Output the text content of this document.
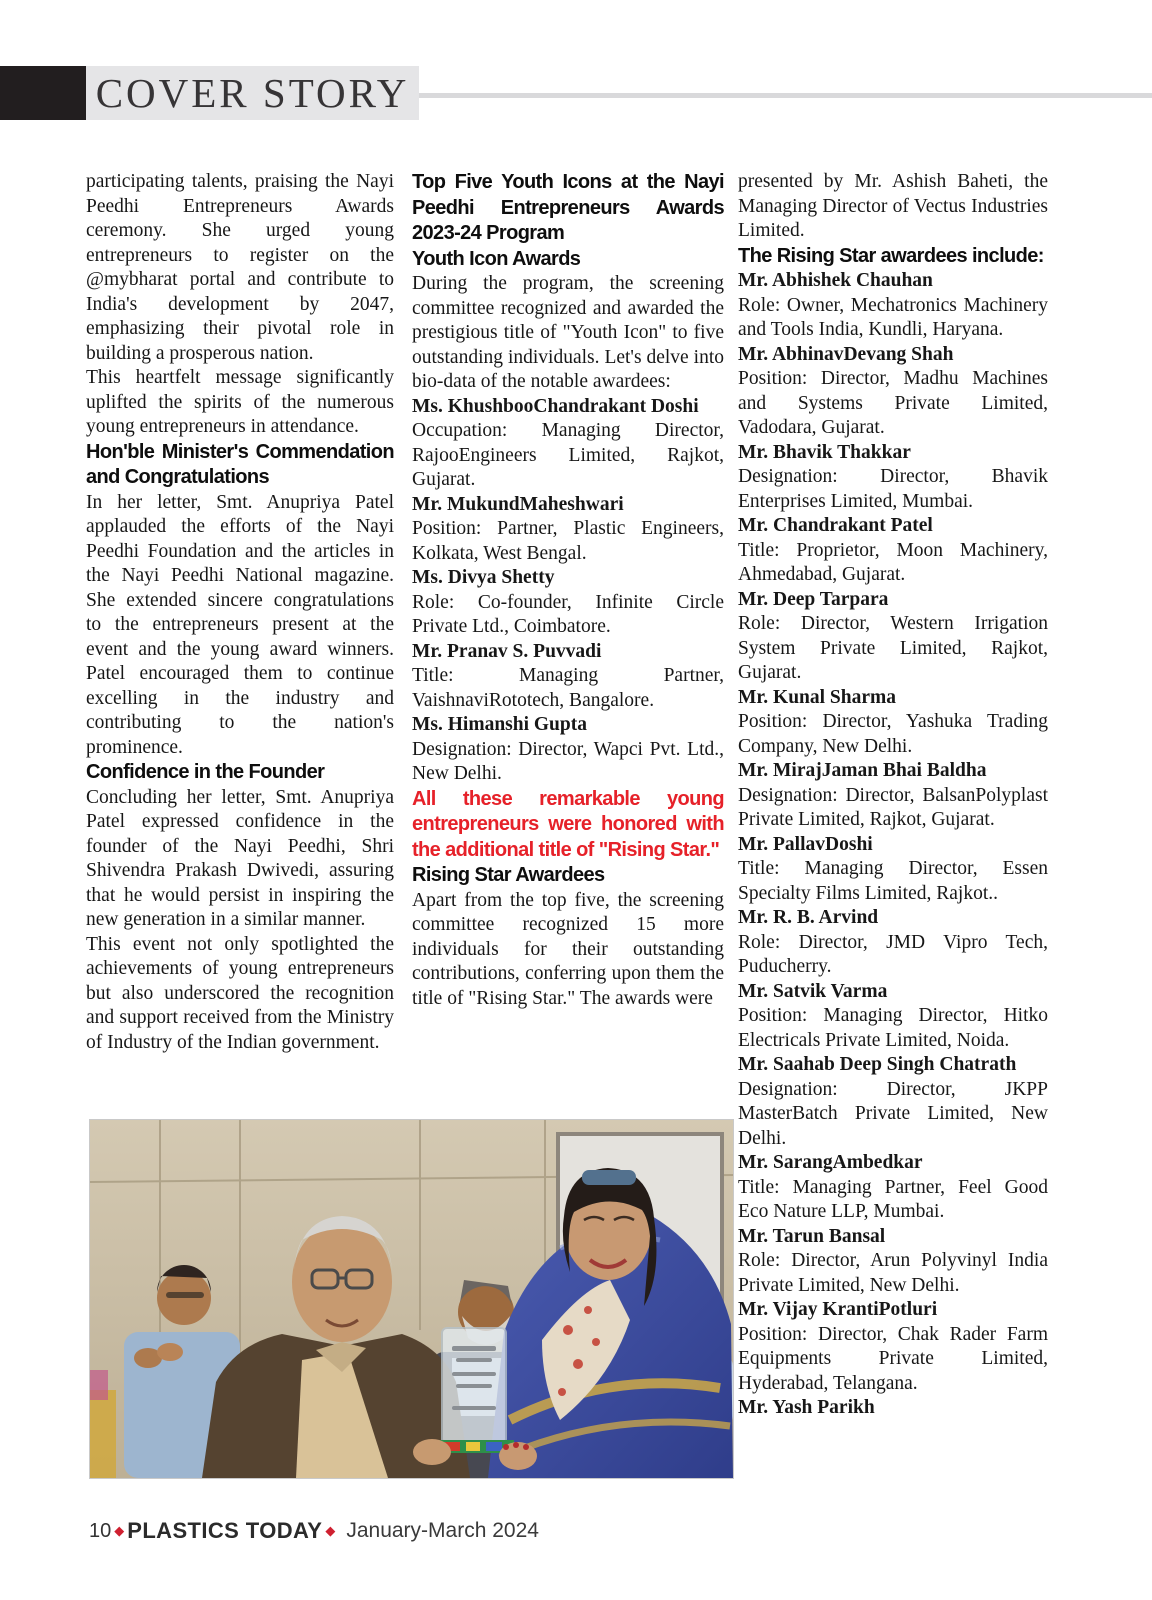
COVER STORY
participating talents, praising the Nayi Peedhi Entrepreneurs Awards ceremony. She urged young entrepreneurs to register on the @mybharat portal and contribute to India's development by 2047, emphasizing their pivotal role in building a prosperous nation.
This heartfelt message significantly uplifted the spirits of the numerous young entrepreneurs in attendance.
Hon'ble Minister's Commendation and Congratulations
In her letter, Smt. Anupriya Patel applauded the efforts of the Nayi Peedhi Foundation and the articles in the Nayi Peedhi National magazine. She extended sincere congratulations to the entrepreneurs present at the event and the young award winners. Patel encouraged them to continue excelling in the industry and contributing to the nation's prominence.
Confidence in the Founder
Concluding her letter, Smt. Anupriya Patel expressed confidence in the founder of the Nayi Peedhi, Shri Shivendra Prakash Dwivedi, assuring that he would persist in inspiring the new generation in a similar manner.
This event not only spotlighted the achievements of young entrepreneurs but also underscored the recognition and support received from the Ministry of Industry of the Indian government.
Top Five Youth Icons at the Nayi Peedhi Entrepreneurs Awards 2023-24 Program
Youth Icon Awards
During the program, the screening committee recognized and awarded the prestigious title of "Youth Icon" to five outstanding individuals. Let's delve into bio-data of the notable awardees:
Ms. KhushbooChandrakant Doshi
Occupation: Managing Director, RajooEngineers Limited, Rajkot, Gujarat.
Mr. MukundMaheshwari
Position: Partner, Plastic Engineers, Kolkata, West Bengal.
Ms. Divya Shetty
Role: Co-founder, Infinite Circle Private Ltd., Coimbatore.
Mr. Pranav S. Puvvadi
Title: Managing Partner, VaishnaviRototech, Bangalore.
Ms. Himanshi Gupta
Designation: Director, Wapci Pvt. Ltd., New Delhi.
All these remarkable young entrepreneurs were honored with the additional title of "Rising Star."
Rising Star Awardees
Apart from the top five, the screening committee recognized 15 more individuals for their outstanding contributions, conferring upon them the title of "Rising Star." The awards were
presented by Mr. Ashish Baheti, the Managing Director of Vectus Industries Limited.
The Rising Star awardees include:
Mr. Abhishek Chauhan
Role: Owner, Mechatronics Machinery and Tools India, Kundli, Haryana.
Mr. AbhinavDevang Shah
Position: Director, Madhu Machines and Systems Private Limited, Vadodara, Gujarat.
Mr. Bhavik Thakkar
Designation: Director, Bhavik Enterprises Limited, Mumbai.
Mr. Chandrakant Patel
Title: Proprietor, Moon Machinery, Ahmedabad, Gujarat.
Mr. Deep Tarpara
Role: Director, Western Irrigation System Private Limited, Rajkot, Gujarat.
Mr. Kunal Sharma
Position: Director, Yashuka Trading Company, New Delhi.
Mr. MirajJaman Bhai Baldha
Designation: Director, BalsanPolyplast Private Limited, Rajkot, Gujarat.
Mr. PallavDoshi
Title: Managing Director, Essen Specialty Films Limited, Rajkot..
Mr. R. B. Arvind
Role: Director, JMD Vipro Tech, Puducherry.
Mr. Satvik Varma
Position: Managing Director, Hitko Electricals Private Limited, Noida.
Mr. Saahab Deep Singh Chatrath
Designation: Director, JKPP MasterBatch Private Limited, New Delhi.
Mr. SarangAmbedkar
Title: Managing Partner, Feel Good Eco Nature LLP, Mumbai.
Mr. Tarun Bansal
Role: Director, Arun Polyvinyl India Private Limited, New Delhi.
Mr. Vijay KrantiPotluri
Position: Director, Chak Rader Farm Equipments Private Limited, Hyderabad, Telangana.
Mr. Yash Parikh
10 ◆ PLASTICS TODAY ◆ January-March 2024
